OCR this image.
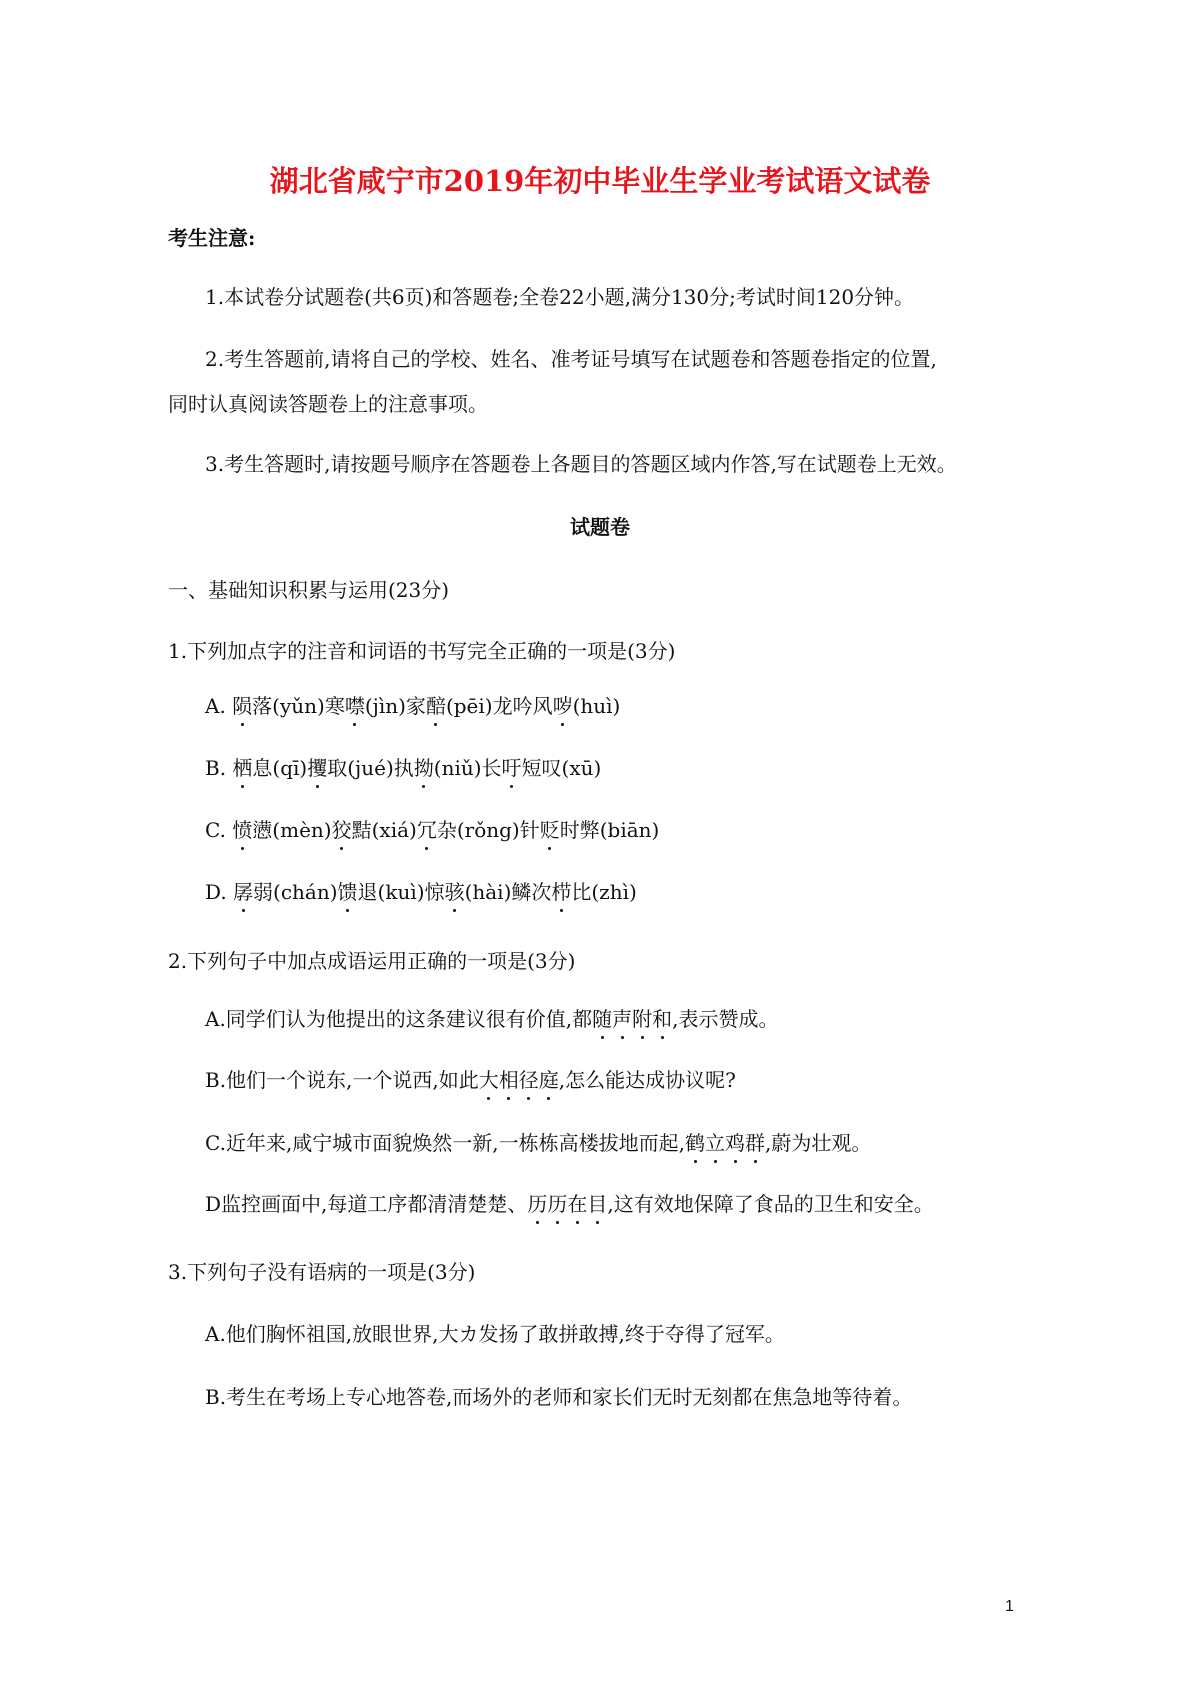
湖北省咸宁市2019年初中毕业生学业考试语文试卷
考生注意:
1.本试卷分试题卷(共6页)和答题卷;全卷22小题,满分130分;考试时间120分钟。
2.考生答题前,请将自己的学校、姓名、准考证号填写在试题卷和答题卷指定的位置,
同时认真阅读答题卷上的注意事项。
3.考生答题时,请按题号顺序在答题卷上各题目的答题区域内作答,写在试题卷上无效。
试题卷
一、基础知识积累与运用(23分)
1.下列加点字的注音和词语的书写完全正确的一项是(3分)
A. 陨落(yǔn)寒噤(jìn)家醅(pēi)龙吟风哕(huì)
B. 栖息(qī)攫取(jué)执拗(niǔ)长吁短叹(xū)
C. 愤懑(mèn)狡黠(xiá)冗杂(rǒng)针贬时弊(biān)
D. 孱弱(chán)馈退(kuì)惊骇(hài)鳞次栉比(zhì)
2.下列句子中加点成语运用正确的一项是(3分)
A.同学们认为他提出的这条建议很有价值,都随声附和,表示赞成。
B.他们一个说东,一个说西,如此大相径庭,怎么能达成协议呢?
C.近年来,咸宁城市面貌焕然一新,一栋栋高楼拔地而起,鹤立鸡群,蔚为壮观。
D监控画面中,每道工序都清清楚楚、历历在目,这有效地保障了食品的卫生和安全。
3.下列句子没有语病的一项是(3分)
A.他们胸怀祖国,放眼世界,大カ发扬了敢拼敢搏,终于夺得了冠军。
B.考生在考场上专心地答卷,而场外的老师和家长们无时无刻都在焦急地等待着。
1
